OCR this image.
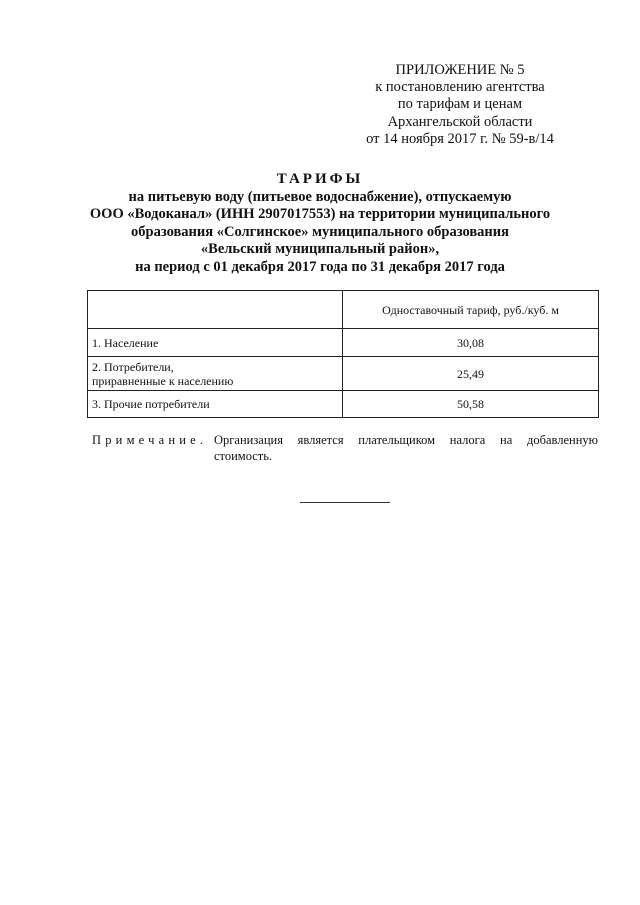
ПРИЛОЖЕНИЕ № 5
к постановлению агентства
по тарифам и ценам
Архангельской области
от 14 ноября 2017 г. № 59-в/14
ТАРИФЫ
на питьевую воду (питьевое водоснабжение), отпускаемую
ООО «Водоканал» (ИНН 2907017553) на территории муниципального
образования «Солгинское» муниципального образования
«Вельский муниципальный район»,
на период с 01 декабря 2017 года по 31 декабря 2017 года
	Одноставочный тариф, руб./куб. м
1. Население	30,08
2. Потребители,
приравненные к населению	25,49
3. Прочие потребители	50,58
Примечание. Организация является плательщиком налога на добавленную стоимость.
